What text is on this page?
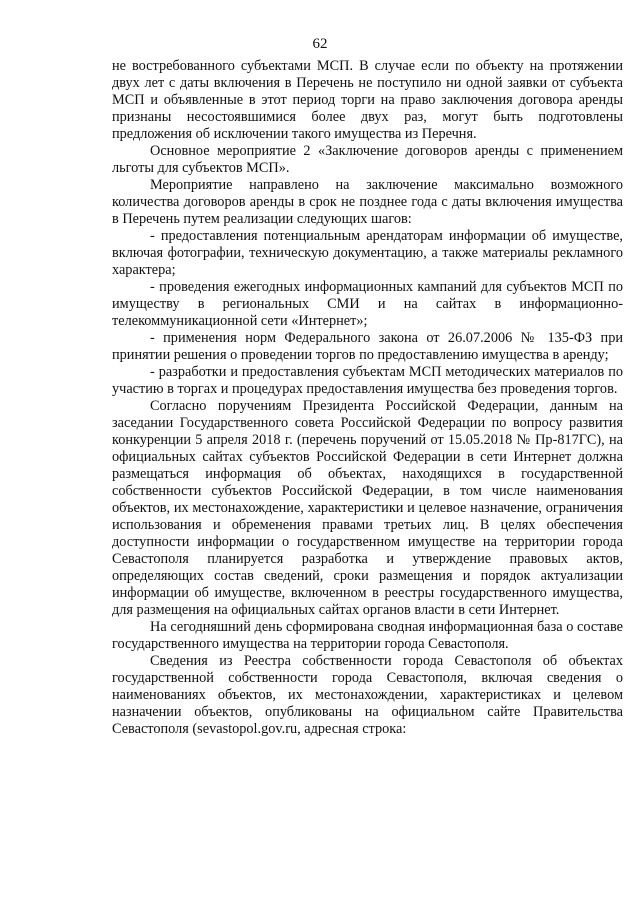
62

не востребованного субъектами МСП. В случае если по объекту на протяжении двух лет с даты включения в Перечень не поступило ни одной заявки от субъекта МСП и объявленные в этот период торги на право заключения договора аренды признаны несостоявшимися более двух раз, могут быть подготовлены предложения об исключении такого имущества из Перечня.

Основное мероприятие 2 «Заключение договоров аренды с применением льготы для субъектов МСП».

Мероприятие направлено на заключение максимально возможного количества договоров аренды в срок не позднее года с даты включения имущества в Перечень путем реализации следующих шагов:

- предоставления потенциальным арендаторам информации об имуществе, включая фотографии, техническую документацию, а также материалы рекламного характера;

- проведения ежегодных информационных кампаний для субъектов МСП по имуществу в региональных СМИ и на сайтах в информационно-телекоммуникационной сети «Интернет»;

- применения норм Федерального закона от 26.07.2006 № 135-ФЗ при принятии решения о проведении торгов по предоставлению имущества в аренду;

- разработки и предоставления субъектам МСП методических материалов по участию в торгах и процедурах предоставления имущества без проведения торгов.

Согласно поручениям Президента Российской Федерации, данным на заседании Государственного совета Российской Федерации по вопросу развития конкуренции 5 апреля 2018 г. (перечень поручений от 15.05.2018 № Пр-817ГС), на официальных сайтах субъектов Российской Федерации в сети Интернет должна размещаться информация об объектах, находящихся в государственной собственности субъектов Российской Федерации, в том числе наименования объектов, их местонахождение, характеристики и целевое назначение, ограничения использования и обременения правами третьих лиц. В целях обеспечения доступности информации о государственном имуществе на территории города Севастополя планируется разработка и утверждение правовых актов, определяющих состав сведений, сроки размещения и порядок актуализации информации об имуществе, включенном в реестры государственного имущества, для размещения на официальных сайтах органов власти в сети Интернет.

На сегодняшний день сформирована сводная информационная база о составе государственного имущества на территории города Севастополя.

Сведения из Реестра собственности города Севастополя об объектах государственной собственности города Севастополя, включая сведения о наименованиях объектов, их местонахождении, характеристиках и целевом назначении объектов, опубликованы на официальном сайте Правительства Севастополя (sevastopol.gov.ru, адресная строка:
